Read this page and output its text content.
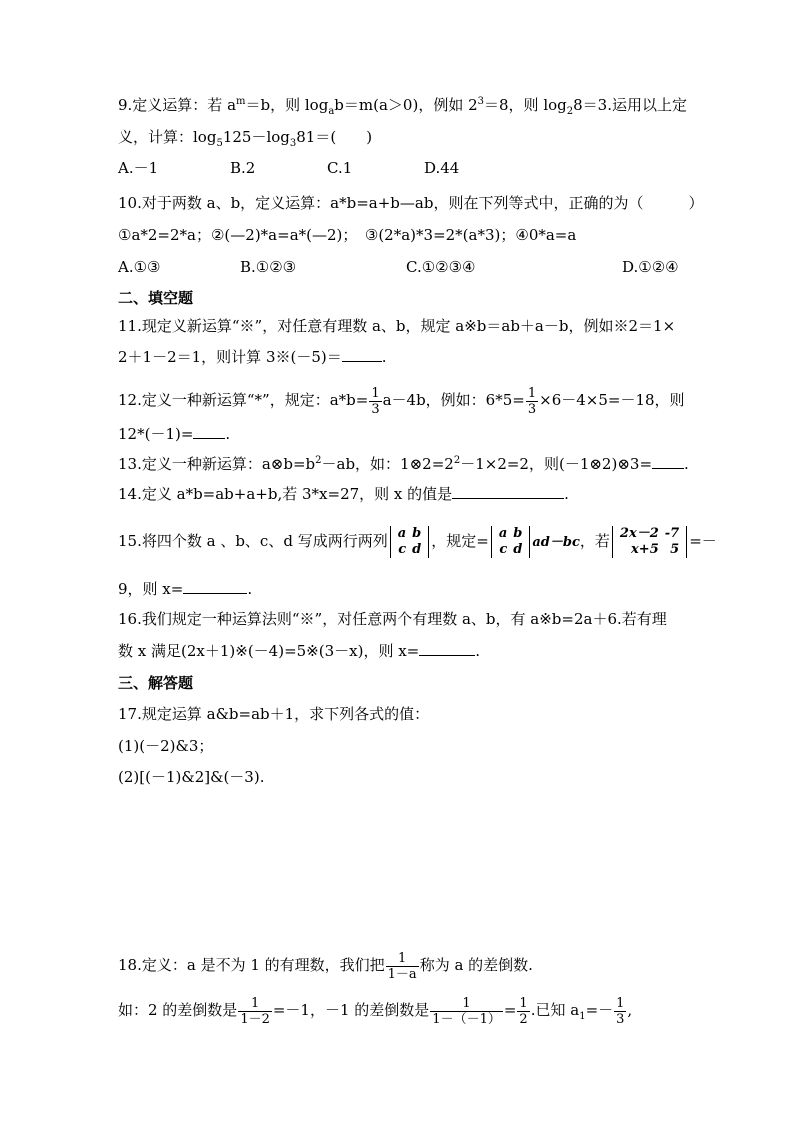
9.定义运算：若 $a^m=b$，则 $\log_ab=m(a>0)$，例如 $2^3=8$，则 $\log_28=3$.运用以上定
义，计算：$\log_5125-\log_381=$(　　)
A.－1	B.2	C.1	D.44
10.对于两数 a、b，定义运算：a*b=a+b—ab，则在下列等式中，正确的为（　　　）
①a*2=2*a；②(—2)*a=a*(—2)；　③(2*a)*3=2*(a*3)；④0*a=a
A.①③	B.①②③	C.①②③④	D.①②④
二、填空题
11.现定义新运算“※”，对任意有理数 a、b，规定 a※b＝ab＋a－b，例如※2＝1×
2＋1－2＝1，则计算 3※(－5)＝	.
12.定义一种新运算“*”，规定：$a*b= \frac{1}{3} a-4b$，例如：$6*5= \frac{1}{3} \times 6-4\times 5=-18$，则
12*(－1)= .
13.定义一种新运算：$a\otimes b=b^2-ab$，如：$1\otimes 2=2^2-1\times 2=2$，则(－1⊗2)⊗3= .
14.定义 a*b=ab+a+b,若 3*x=27，则 x 的值是	.
15.将四个数 a 、b、c、d 写成两行两列 a	b
c	d ，规定= a	b
c	d ad－bc，若 2x－2	-7
x+5	5 =－
9，则 x=	.
16.我们规定一种运算法则“※”，对任意两个有理数 a、b，有 a※b=2a＋6.若有理
数 x 满足(2x＋1)※(－4)=5※(3－x)，则 x=	.
三、解答题
17.规定运算 a&b=ab＋1，求下列各式的值：
(1)(－2)&3；
(2)[(－1)&2]&(－3).
18.定义：a 是不为 1 的有理数，我们把 $\frac{1}{1-a}$ 称为 a 的差倒数.
如：2 的差倒数是 $\frac{1}{1-2} =-1$，－1 的差倒数是 $\frac{1}{1-(-1)} = \frac{1}{2}$ .已知 $a_1=- \frac{1}{3}$ ,
